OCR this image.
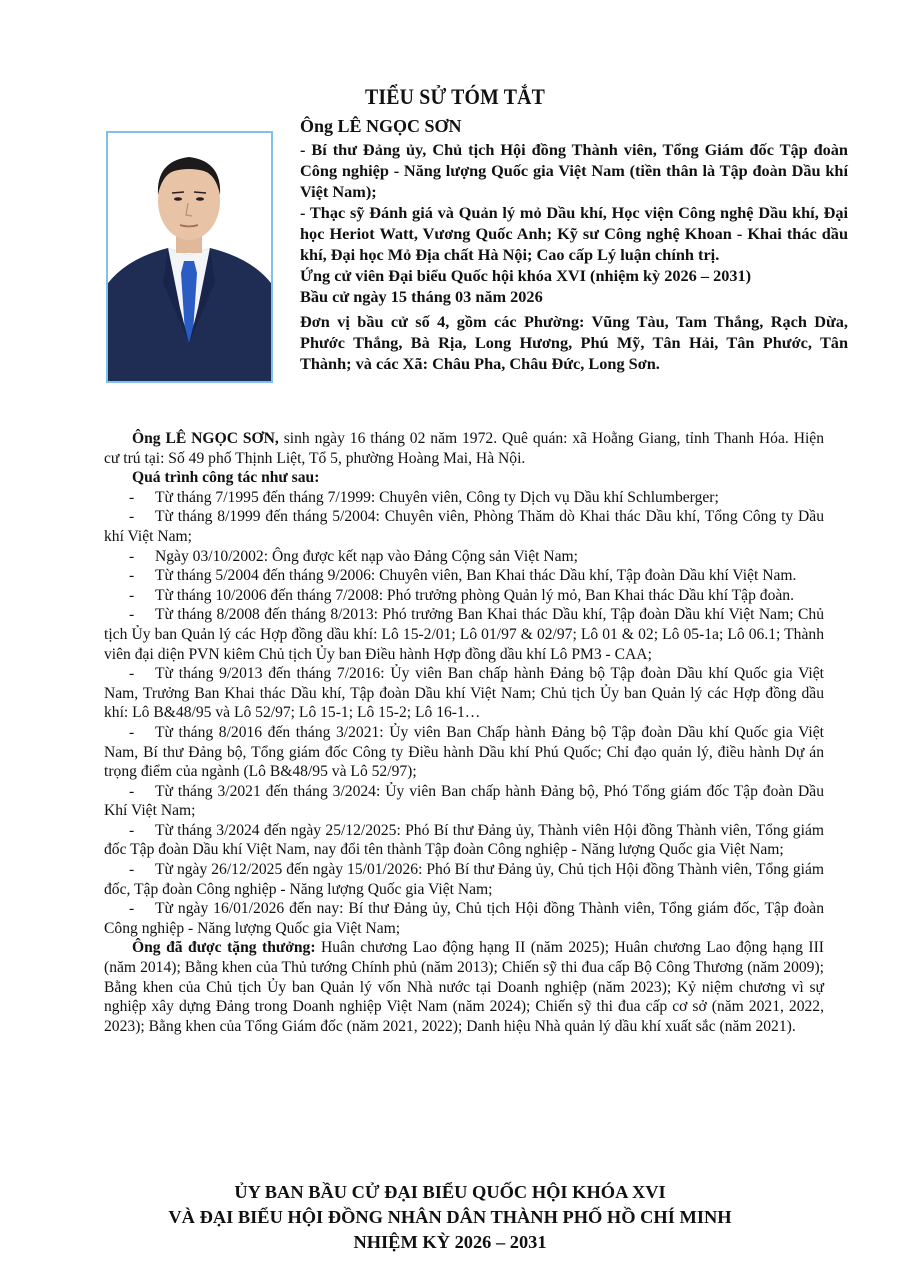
TIỂU SỬ TÓM TẮT

Ông LÊ NGỌC SƠN

- Bí thư Đảng ủy, Chủ tịch Hội đồng Thành viên, Tổng Giám đốc Tập đoàn Công nghiệp - Năng lượng Quốc gia Việt Nam (tiền thân là Tập đoàn Dầu khí Việt Nam);

- Thạc sỹ Đánh giá và Quản lý mỏ Dầu khí, Học viện Công nghệ Dầu khí, Đại học Heriot Watt, Vương Quốc Anh; Kỹ sư Công nghệ Khoan - Khai thác dầu khí, Đại học Mỏ Địa chất Hà Nội; Cao cấp Lý luận chính trị.

Ứng cử viên Đại biểu Quốc hội khóa XVI (nhiệm kỳ 2026 – 2031)

Bầu cử ngày 15 tháng 03 năm 2026

Đơn vị bầu cử số 4, gồm các Phường: Vũng Tàu, Tam Thắng, Rạch Dừa, Phước Thắng, Bà Rịa, Long Hương, Phú Mỹ, Tân Hải, Tân Phước, Tân Thành; và các Xã: Châu Pha, Châu Đức, Long Sơn.

Ông LÊ NGỌC SƠN, sinh ngày 16 tháng 02 năm 1972. Quê quán: xã Hoằng Giang, tỉnh Thanh Hóa. Hiện cư trú tại: Số 49 phố Thịnh Liệt, Tổ 5, phường Hoàng Mai, Hà Nội.

Quá trình công tác như sau:

- Từ tháng 7/1995 đến tháng 7/1999: Chuyên viên, Công ty Dịch vụ Dầu khí Schlumberger;

- Từ tháng 8/1999 đến tháng 5/2004: Chuyên viên, Phòng Thăm dò Khai thác Dầu khí, Tổng Công ty Dầu khí Việt Nam;

- Ngày 03/10/2002: Ông được kết nạp vào Đảng Cộng sản Việt Nam;

- Từ tháng 5/2004 đến tháng 9/2006: Chuyên viên, Ban Khai thác Dầu khí, Tập đoàn Dầu khí Việt Nam.

- Từ tháng 10/2006 đến tháng 7/2008: Phó trưởng phòng Quản lý mỏ, Ban Khai thác Dầu khí Tập đoàn.

- Từ tháng 8/2008 đến tháng 8/2013: Phó trưởng Ban Khai thác Dầu khí, Tập đoàn Dầu khí Việt Nam; Chủ tịch Ủy ban Quản lý các Hợp đồng dầu khí: Lô 15-2/01; Lô 01/97 & 02/97; Lô 01 & 02; Lô 05-1a; Lô 06.1; Thành viên đại diện PVN kiêm Chủ tịch Ủy ban Điều hành Hợp đồng dầu khí Lô PM3 - CAA;

- Từ tháng 9/2013 đến tháng 7/2016: Ủy viên Ban chấp hành Đảng bộ Tập đoàn Dầu khí Quốc gia Việt Nam, Trưởng Ban Khai thác Dầu khí, Tập đoàn Dầu khí Việt Nam; Chủ tịch Ủy ban Quản lý các Hợp đồng dầu khí: Lô B&48/95 và Lô 52/97; Lô 15-1; Lô 15-2; Lô 16-1…

- Từ tháng 8/2016 đến tháng 3/2021: Ủy viên Ban Chấp hành Đảng bộ Tập đoàn Dầu khí Quốc gia Việt Nam, Bí thư Đảng bộ, Tổng giám đốc Công ty Điều hành Dầu khí Phú Quốc; Chỉ đạo quản lý, điều hành Dự án trọng điểm của ngành (Lô B&48/95 và Lô 52/97);

- Từ tháng 3/2021 đến tháng 3/2024: Ủy viên Ban chấp hành Đảng bộ, Phó Tổng giám đốc Tập đoàn Dầu Khí Việt Nam;

- Từ tháng 3/2024 đến ngày 25/12/2025: Phó Bí thư Đảng ủy, Thành viên Hội đồng Thành viên, Tổng giám đốc Tập đoàn Dầu khí Việt Nam, nay đổi tên thành Tập đoàn Công nghiệp - Năng lượng Quốc gia Việt Nam;

- Từ ngày 26/12/2025 đến ngày 15/01/2026: Phó Bí thư Đảng ủy, Chủ tịch Hội đồng Thành viên, Tổng giám đốc, Tập đoàn Công nghiệp - Năng lượng Quốc gia Việt Nam;

- Từ ngày 16/01/2026 đến nay: Bí thư Đảng ủy, Chủ tịch Hội đồng Thành viên, Tổng giám đốc, Tập đoàn Công nghiệp - Năng lượng Quốc gia Việt Nam;

Ông đã được tặng thưởng: Huân chương Lao động hạng II (năm 2025); Huân chương Lao động hạng III (năm 2014); Bằng khen của Thủ tướng Chính phủ (năm 2013); Chiến sỹ thi đua cấp Bộ Công Thương (năm 2009); Bằng khen của Chủ tịch Ủy ban Quản lý vốn Nhà nước tại Doanh nghiệp (năm 2023); Kỷ niệm chương vì sự nghiệp xây dựng Đảng trong Doanh nghiệp Việt Nam (năm 2024); Chiến sỹ thi đua cấp cơ sở (năm 2021, 2022, 2023); Bằng khen của Tổng Giám đốc (năm 2021, 2022); Danh hiệu Nhà quản lý dầu khí xuất sắc (năm 2021).

ỦY BAN BẦU CỬ ĐẠI BIỂU QUỐC HỘI KHÓA XVI

VÀ ĐẠI BIỂU HỘI ĐỒNG NHÂN DÂN THÀNH PHỐ HỒ CHÍ MINH

NHIỆM KỲ 2026 – 2031
